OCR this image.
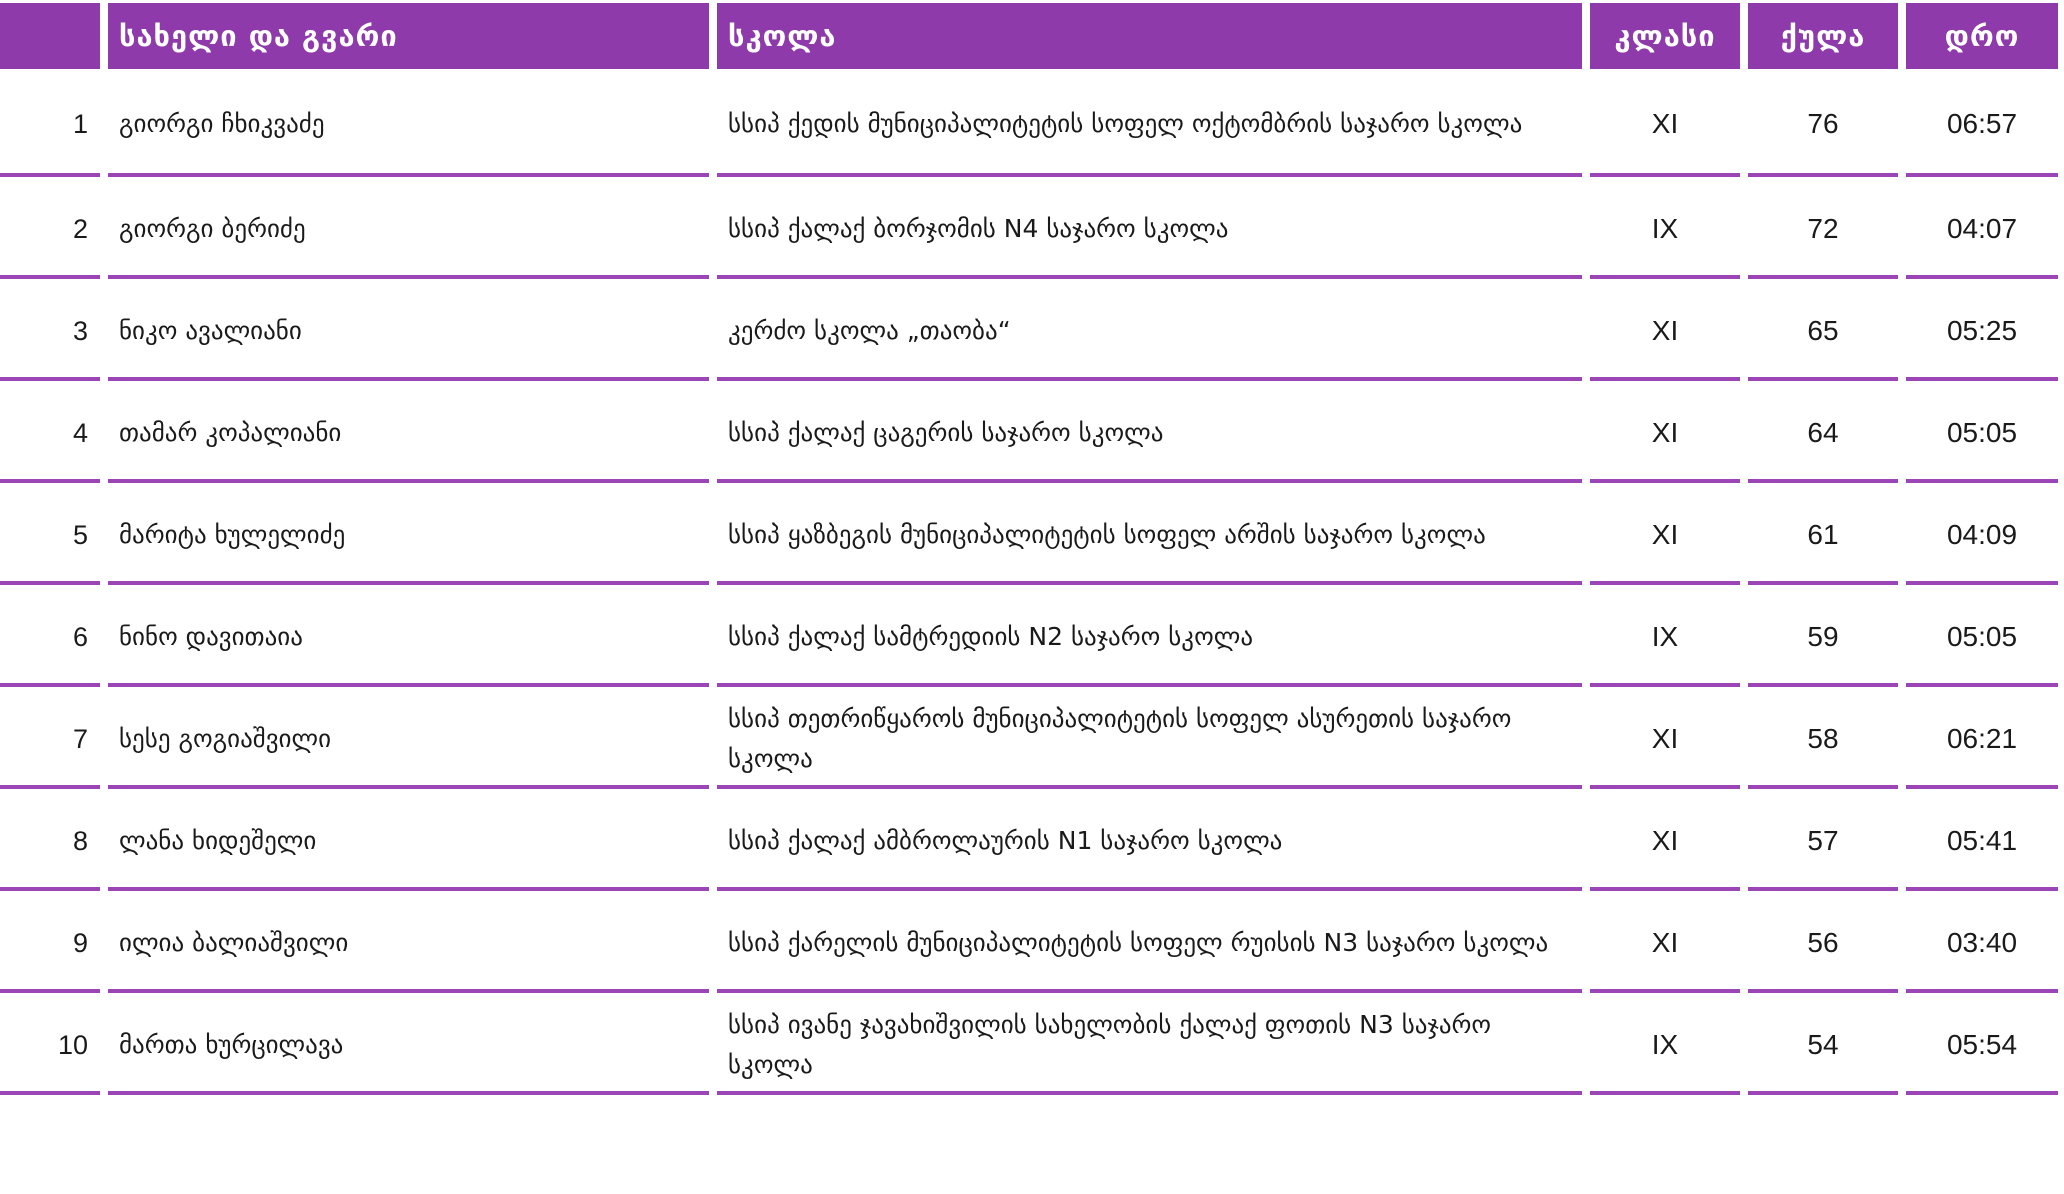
	სახელი და გვარი	სკოლა	კლასი	ქულა	დრო
1	გიორგი ჩხიკვაძე	სსიპ ქედის მუნიციპალიტეტის სოფელ ოქტომბრის საჯარო სკოლა	XI	76	06:57
2	გიორგი ბერიძე	სსიპ ქალაქ ბორჯომის N4 საჯარო სკოლა	IX	72	04:07
3	ნიკო ავალიანი	კერძო სკოლა „თაობა“	XI	65	05:25
4	თამარ კოპალიანი	სსიპ ქალაქ ცაგერის საჯარო სკოლა	XI	64	05:05
5	მარიტა ხულელიძე	სსიპ ყაზბეგის მუნიციპალიტეტის სოფელ არშის საჯარო სკოლა	XI	61	04:09
6	ნინო დავითაია	სსიპ ქალაქ სამტრედიის N2 საჯარო სკოლა	IX	59	05:05
7	სესე გოგიაშვილი	სსიპ თეთრიწყაროს მუნიციპალიტეტის სოფელ ასურეთის საჯარო სკოლა	XI	58	06:21
8	ლანა ხიდეშელი	სსიპ ქალაქ ამბროლაურის N1 საჯარო სკოლა	XI	57	05:41
9	ილია ბალიაშვილი	სსიპ ქარელის მუნიციპალიტეტის სოფელ რუისის N3 საჯარო სკოლა	XI	56	03:40
10	მართა ხურცილავა	სსიპ ივანე ჯავახიშვილის სახელობის ქალაქ ფოთის N3 საჯარო სკოლა	IX	54	05:54
